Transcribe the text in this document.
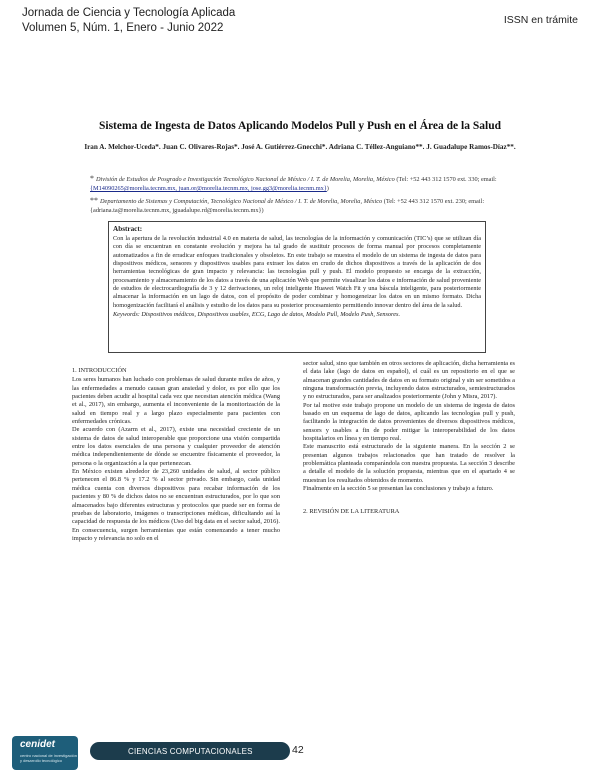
Jornada de Ciencia y Tecnología Aplicada
Volumen 5, Núm. 1, Enero - Junio 2022
ISSN en trámite
Sistema de Ingesta de Datos Aplicando Modelos Pull y Push en el Área de la Salud
Iran A. Melchor-Uceda*. Juan C. Olivares-Rojas*. José A. Gutiérrez-Gnecchi*. Adriana C. Téllez-Anguiano**. J. Guadalupe Ramos-Díaz**.
* División de Estudios de Posgrado e Investigación Tecnológico Nacional de México / I. T. de Morelia, Morelia, México (Tel: +52 443 312 1570 ext. 330; email: {M14090265@morelia.tecnm.mx, juan.or@morelia.tecnm.mx, jose.gg3@morelia.tecnm.mx})
** Departamento de Sistemas y Computación, Tecnológico Nacional de México / I. T. de Morelia, Morelia, México (Tel: +52 443 312 1570 ext. 230; email: {adriana.ta@morelia.tecnm.mx, jguadalupe.rd@morelia.tecnm.mx})
Abstract:
Con la apertura de la revolución industrial 4.0 en materia de salud, las tecnologías de la información y comunicación (TIC’s) que se utilizan día con día se encuentran en constante evolución y mejora ha tal grado de sustituir procesos de forma manual por procesos completamente automatizados a fin de erradicar enfoques tradicionales y obsoletos. En este trabajo se muestra el modelo de un sistema de ingesta de datos para dispositivos médicos, sensores y dispositivos usables para extraer los datos en crudo de dichos dispositivos a través de la aplicación de dos herramientas tecnológicas de gran impacto y relevancia: las tecnologías pull y push. El modelo propuesto se encarga de la extracción, procesamiento y almacenamiento de los datos a través de una aplicación Web que permite visualizar los datos e información de salud proveniente de estudios de electrocardiografía de 3 y 12 derivaciones, un reloj inteligente Huawei Watch Fit y una báscula inteligente, para posteriormente almacenar la información en un lago de datos, con el propósito de poder combinar y homogeneizar los datos en un mismo formato. Dicha homogenización facilitará el análisis y estudio de los datos para su posterior procesamiento permitiendo innovar dentro del área de la salud.
Keywords: Dispositivos médicos, Dispositivos usables, ECG, Lago de datos, Modelo Pull, Modelo Push, Sensores.

1. INTRODUCCIÓN

Los seres humanos han luchado con problemas de salud durante miles de años, y las enfermedades a menudo causan gran ansiedad y dolor, es por ello que los pacientes deben acudir al hospital cada vez que necesitan atención médica (Wang et al., 2017), sin embargo, aumenta el inconveniente de la monitorización de la salud en tiempo real y a largo plazo especialmente para pacientes con enfermedades crónicas.

De acuerdo con (Azarm et al., 2017), existe una necesidad creciente de un sistema de datos de salud interoperable que proporcione una visión compartida entre los datos esenciales de una persona y cualquier proveedor de atención médica independientemente de dónde se encuentre físicamente el proveedor, la persona o la organización a la que pertenezcan.

En México existen alrededor de 23,260 unidades de salud, al sector público pertenecen el 86.8 % y 17.2 % al sector privado. Sin embargo, cada unidad médica cuenta con diversos dispositivos para recabar información de los pacientes y 80 % de dichos datos no se encuentran estructurados, por lo que son almacenados bajo diferentes estructuras y protocolos que puede ser en forma de pruebas de laboratorio, imágenes o transcripciones médicas, dificultando así la capacidad de respuesta de los médicos (Uso del big data en el sector salud, 2016). En consecuencia, surgen herramientas que están comenzando a tener mucho impacto y relevancia no solo en el

sector salud, sino que también en otros sectores de aplicación, dicha herramienta es el data lake (lago de datos en español), el cuál es un repositorio en el que se almacenan grandes cantidades de datos en su formato original y sin ser sometidos a ninguna transformación previa, incluyendo datos estructurados, semiestructurados y no estructurados, para ser analizados posteriormente (John y Misra, 2017).

Por tal motive este trabajo propone un modelo de un sistema de ingesta de datos basado en un esquema de lago de datos, aplicando las tecnologías pull y push, facilitando la integración de datos provenientes de diversos dispositivos médicos, sensors y usables a fin de poder mitigar la interoperabilidad de los datos hospitalarios en línea y en tiempo real.

Este manuscrito está estructurado de la siguiente manera. En la sección 2 se presentan algunos trabajos relacionados que han tratado de resolver la problemática planteada comparándola con nuestra propuesta. La sección 3 describe a detalle el modelo de la solución propuesta, mientras que en el apartado 4 se muestran los resultados obtenidos de momento.

Finalmente en la sección 5 se presentan las conclusiones y trabajo a futuro.

2. REVISIÓN DE LA LITERATURA

cenidet
centro nacional de investigación y desarrollo tecnológico
CIENCIAS COMPUTACIONALES	42
